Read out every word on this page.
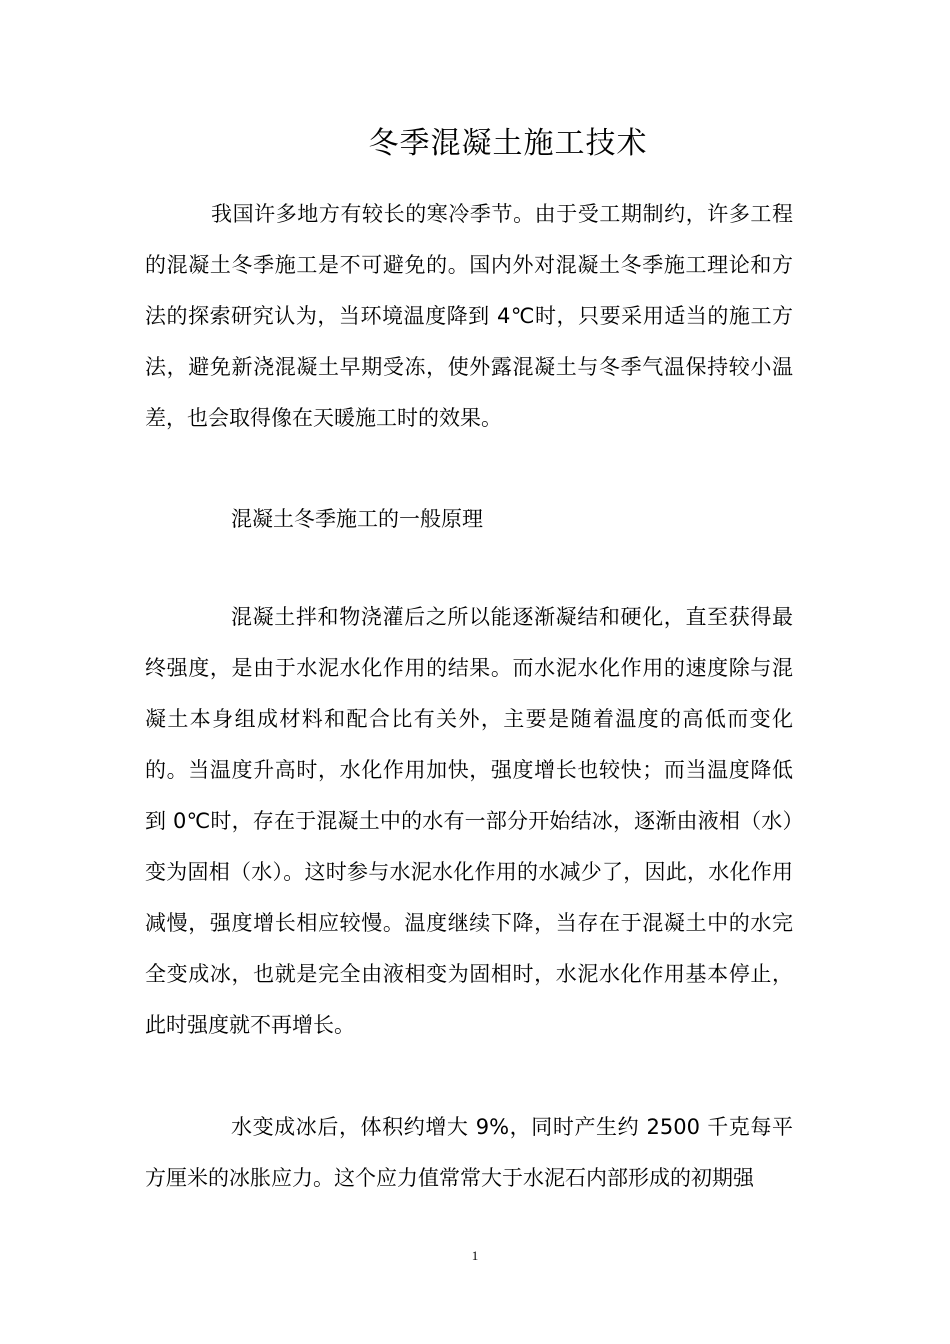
冬季混凝土施工技术

我国许多地方有较长的寒冷季节。由于受工期制约，许多工程的混凝土冬季施工是不可避免的。国内外对混凝土冬季施工理论和方法的探索研究认为，当环境温度降到 4℃时，只要采用适当的施工方法，避免新浇混凝土早期受冻，使外露混凝土与冬季气温保持较小温差，也会取得像在天暖施工时的效果。

混凝土冬季施工的一般原理

混凝土拌和物浇灌后之所以能逐渐凝结和硬化，直至获得最终强度，是由于水泥水化作用的结果。而水泥水化作用的速度除与混凝土本身组成材料和配合比有关外，主要是随着温度的高低而变化的。当温度升高时，水化作用加快，强度增长也较快；而当温度降低到 0℃时，存在于混凝土中的水有一部分开始结冰，逐渐由液相（水）变为固相（水）。这时参与水泥水化作用的水减少了，因此，水化作用减慢，强度增长相应较慢。温度继续下降，当存在于混凝土中的水完全变成冰，也就是完全由液相变为固相时，水泥水化作用基本停止，此时强度就不再增长。

水变成冰后，体积约增大 9%，同时产生约 2500 千克每平方厘米的冰胀应力。这个应力值常常大于水泥石内部形成的初期强

1
